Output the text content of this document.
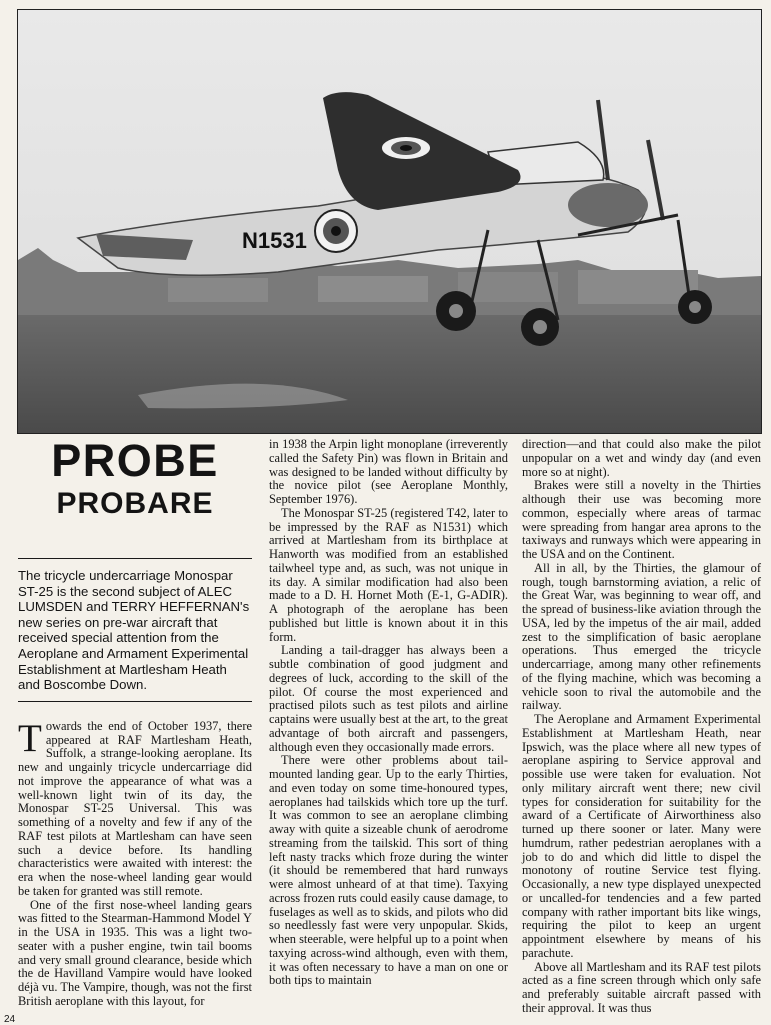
N1531
PROBE
PROBARE

The tricycle undercarriage Monospar ST-25 is the second subject of ALEC LUMSDEN and TERRY HEFFERNAN's new series on pre-war aircraft that received special attention from the Aeroplane and Armament Experimental Establishment at Martlesham Heath and Boscombe Down.

Towards the end of October 1937, there appeared at RAF Martlesham Heath, Suffolk, a strange-looking aeroplane. Its new and ungainly tricycle undercarriage did not improve the appearance of what was a well-known light twin of its day, the Monospar ST-25 Universal. This was something of a novelty and few if any of the RAF test pilots at Martlesham can have seen such a device before. Its handling characteristics were awaited with interest: the era when the nose-wheel landing gear would be taken for granted was still remote.

One of the first nose-wheel landing gears was fitted to the Stearman-Hammond Model Y in the USA in 1935. This was a light two-seater with a pusher engine, twin tail booms and very small ground clearance, beside which the de Havilland Vampire would have looked déjà vu. The Vampire, though, was not the first British aeroplane with this layout, for

in 1938 the Arpin light monoplane (irreverently called the Safety Pin) was flown in Britain and was designed to be landed without difficulty by the novice pilot (see Aeroplane Monthly, September 1976).

The Monospar ST-25 (registered T42, later to be impressed by the RAF as N1531) which arrived at Martlesham from its birthplace at Hanworth was modified from an established tailwheel type and, as such, was not unique in its day. A similar modification had also been made to a D. H. Hornet Moth (E-1, G-ADIR). A photograph of the aeroplane has been published but little is known about it in this form.

Landing a tail-dragger has always been a subtle combination of good judgment and degrees of luck, according to the skill of the pilot. Of course the most experienced and practised pilots such as test pilots and airline captains were usually best at the art, to the great advantage of both aircraft and passengers, although even they occasionally made errors.

There were other problems about tail-mounted landing gear. Up to the early Thirties, and even today on some time-honoured types, aeroplanes had tailskids which tore up the turf. It was common to see an aeroplane climbing away with quite a sizeable chunk of aerodrome streaming from the tailskid. This sort of thing left nasty tracks which froze during the winter (it should be remembered that hard runways were almost unheard of at that time). Taxying across frozen ruts could easily cause damage, to fuselages as well as to skids, and pilots who did so needlessly fast were very unpopular. Skids, when steerable, were helpful up to a point when taxying across-wind although, even with them, it was often necessary to have a man on one or both tips to maintain

direction—and that could also make the pilot unpopular on a wet and windy day (and even more so at night).

Brakes were still a novelty in the Thirties although their use was becoming more common, especially where areas of tarmac were spreading from hangar area aprons to the taxiways and runways which were appearing in the USA and on the Continent.

All in all, by the Thirties, the glamour of rough, tough barnstorming aviation, a relic of the Great War, was beginning to wear off, and the spread of business-like aviation through the USA, led by the impetus of the air mail, added zest to the simplification of basic aeroplane operations. Thus emerged the tricycle undercarriage, among many other refinements of the flying machine, which was becoming a vehicle soon to rival the automobile and the railway.

The Aeroplane and Armament Experimental Establishment at Martlesham Heath, near Ipswich, was the place where all new types of aeroplane aspiring to Service approval and possible use were taken for evaluation. Not only military aircraft went there; new civil types for consideration for suitability for the award of a Certificate of Airworthiness also turned up there sooner or later. Many were humdrum, rather pedestrian aeroplanes with a job to do and which did little to dispel the monotony of routine Service test flying. Occasionally, a new type displayed unexpected or uncalled-for tendencies and a few parted company with rather important bits like wings, requiring the pilot to keep an urgent appointment elsewhere by means of his parachute.

Above all Martlesham and its RAF test pilots acted as a fine screen through which only safe and preferably suitable aircraft passed with their approval. It was thus

24
